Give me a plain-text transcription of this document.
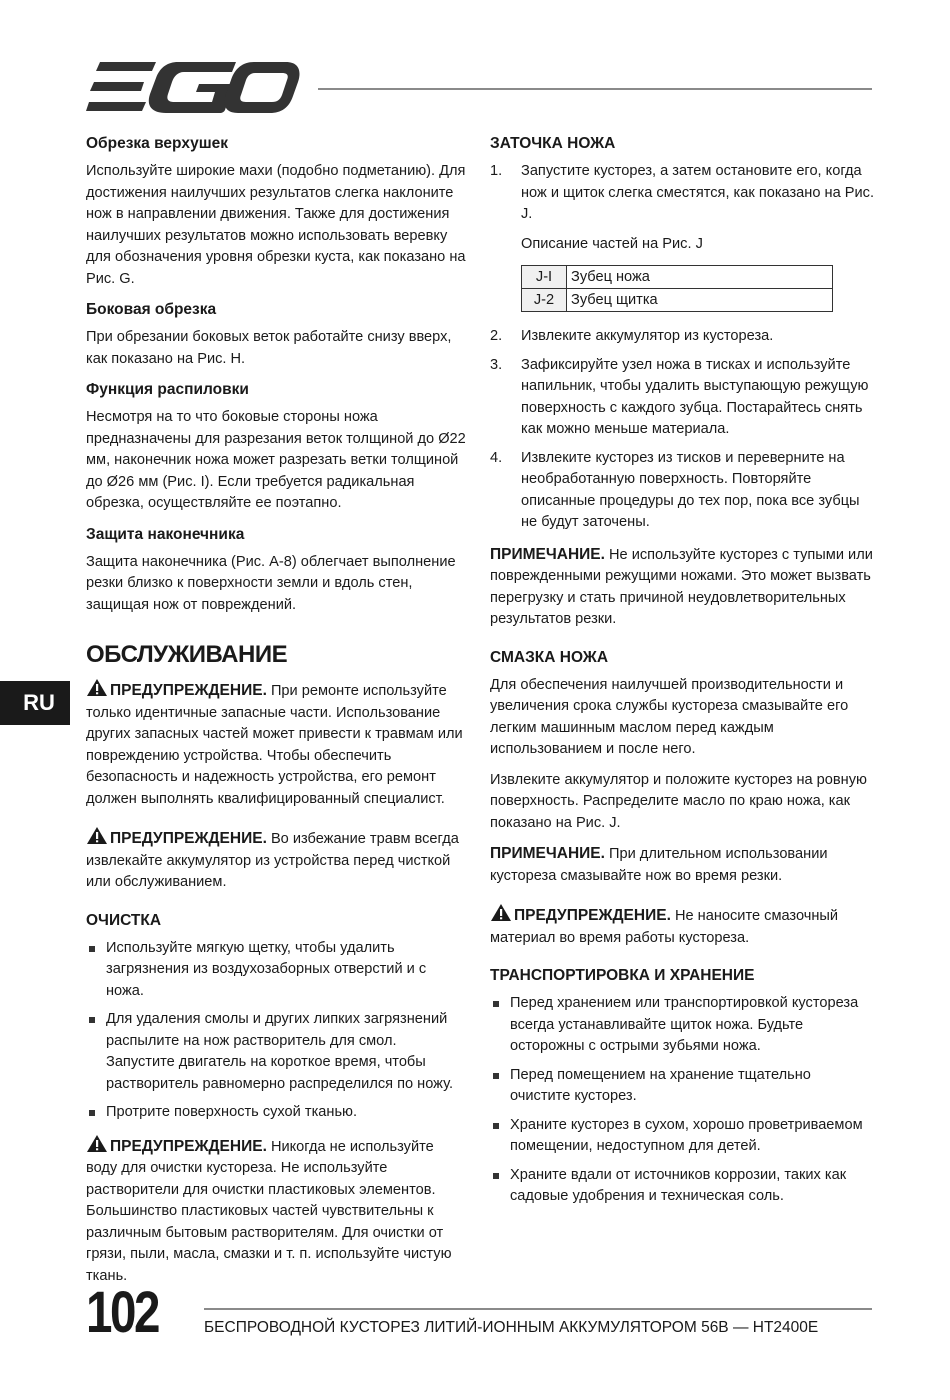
Обрезка верхушек

Используйте широкие махи (подобно подметанию). Для достижения наилучших результатов слегка наклоните нож в направлении движения. Также для достижения наилучших результатов можно использовать веревку для обозначения уровня обрезки куста, как показано на Рис. G.

Боковая обрезка

При обрезании боковых веток работайте снизу вверх, как показано на Рис. H.

Функция распиловки

Несмотря на то что боковые стороны ножа предназначены для разрезания веток толщиной до Ø22 мм, наконечник ножа может разрезать ветки толщиной до Ø26 мм (Рис. I). Если требуется радикальная обрезка, осуществляйте ее поэтапно.

Защита наконечника

Защита наконечника (Рис. A-8) облегчает выполнение резки близко к поверхности земли и вдоль стен, защищая нож от повреждений.

ОБСЛУЖИВАНИЕ

ПРЕДУПРЕЖДЕНИЕ. При ремонте используйте только идентичные запасные части. Использование других запасных частей может привести к травмам или повреждению устройства. Чтобы обеспечить безопасность и надежность устройства, его ремонт должен выполнять квалифицированный специалист.

ПРЕДУПРЕЖДЕНИЕ. Во избежание травм всегда извлекайте аккумулятор из устройства перед чисткой или обслуживанием.

ОЧИСТКА
Используйте мягкую щетку, чтобы удалить загрязнения из воздухозаборных отверстий и с ножа.
Для удаления смолы и других липких загрязнений распылите на нож растворитель для смол. Запустите двигатель на короткое время, чтобы растворитель равномерно распределился по ножу.
Протрите поверхность сухой тканью.

ПРЕДУПРЕЖДЕНИЕ. Никогда не используйте воду для очистки кустореза. Не используйте растворители для очистки пластиковых элементов. Большинство пластиковых частей чувствительны к различным бытовым растворителям. Для очистки от грязи, пыли, масла, смазки и т. п. используйте чистую ткань.

ЗАТОЧКА НОЖА
1. Запустите кусторез, а затем остановите его, когда нож и щиток слегка сместятся, как показано на Рис. J.
Описание частей на Рис. J
J-I	Зубец ножа
J-2	Зубец щитка
2. Извлеките аккумулятор из кустореза.
3. Зафиксируйте узел ножа в тисках и используйте напильник, чтобы удалить выступающую режущую поверхность с каждого зубца. Постарайтесь снять как можно меньше материала.
4. Извлеките кусторез из тисков и переверните на необработанную поверхность. Повторяйте описанные процедуры до тех пор, пока все зубцы не будут заточены.

ПРИМЕЧАНИЕ. Не используйте кусторез с тупыми или поврежденными режущими ножами. Это может вызвать перегрузку и стать причиной неудовлетворительных результатов резки.

СМАЗКА НОЖА

Для обеспечения наилучшей производительности и увеличения срока службы кустореза смазывайте его легким машинным маслом перед каждым использованием и после него.

Извлеките аккумулятор и положите кусторез на ровную поверхность. Распределите масло по краю ножа, как показано на Рис. J.

ПРИМЕЧАНИЕ. При длительном использовании кустореза смазывайте нож во время резки.

ПРЕДУПРЕЖДЕНИЕ. Не наносите смазочный материал во время работы кустореза.

ТРАНСПОРТИРОВКА И ХРАНЕНИЕ
Перед хранением или транспортировкой кустореза всегда устанавливайте щиток ножа. Будьте осторожны с острыми зубьями ножа.
Перед помещением на хранение тщательно очистите кусторез.
Храните кусторез в сухом, хорошо проветриваемом помещении, недоступном для детей.
Храните вдали от источников коррозии, таких как садовые удобрения и техническая соль.
RU
102	БЕСПРОВОДНОЙ КУСТОРЕЗ ЛИТИЙ-ИОННЫМ АККУМУЛЯТОРОМ 56В — HT2400E
